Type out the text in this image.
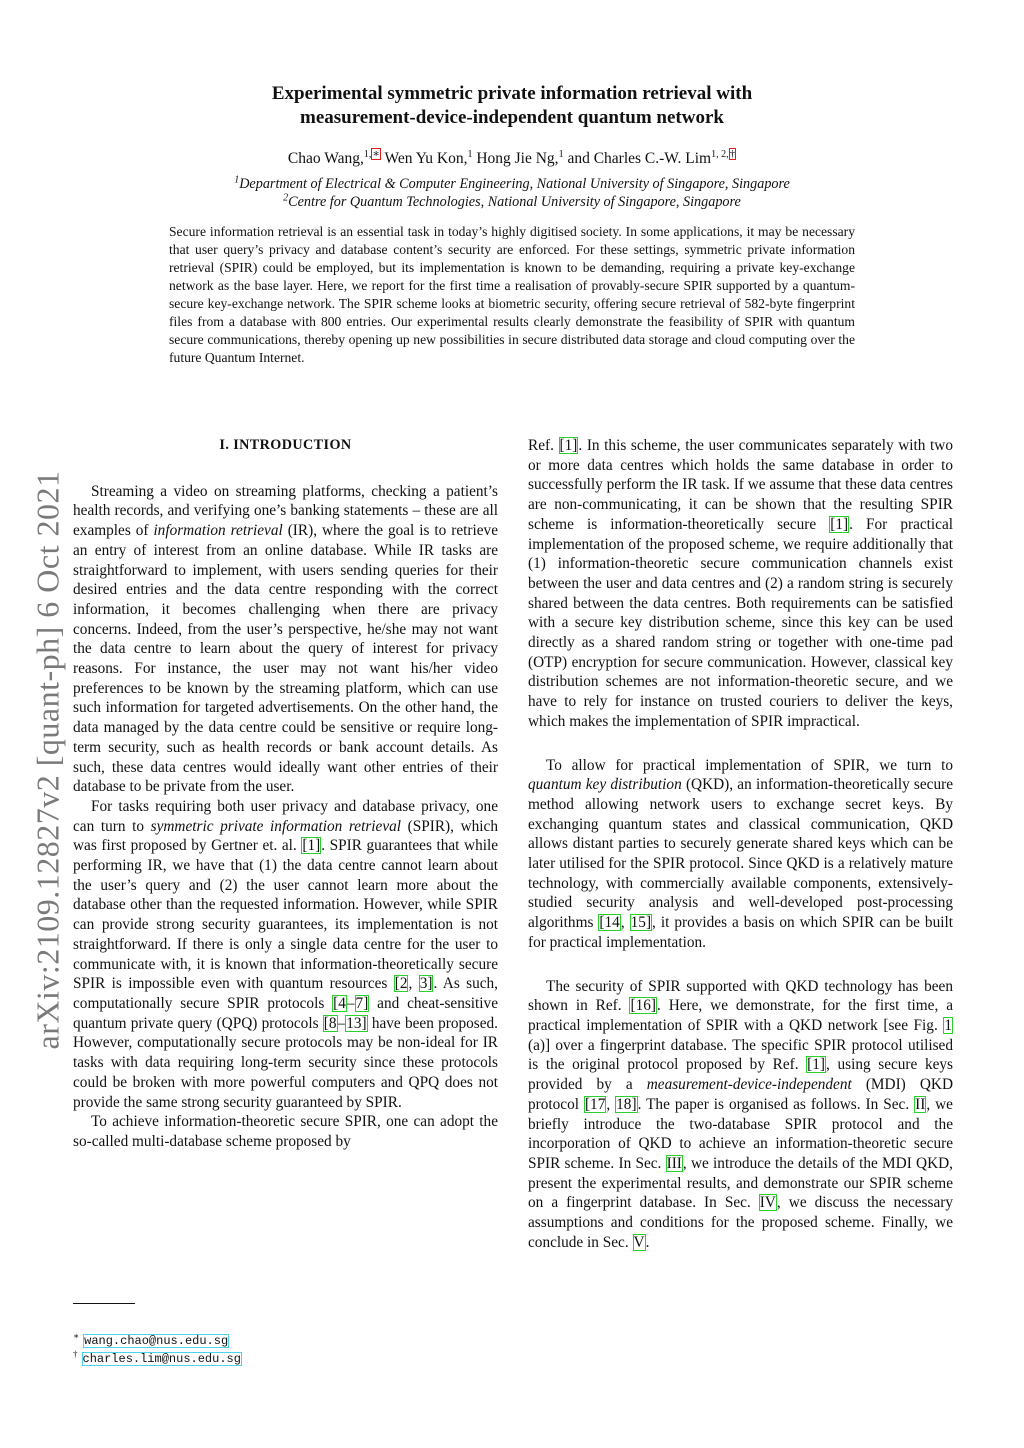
arXiv:2109.12827v2 [quant-ph] 6 Oct 2021
Experimental symmetric private information retrieval with
measurement-device-independent quantum network
Chao Wang,$^{1,∗}$ Wen Yu Kon,$^1$ Hong Jie Ng,$^1$ and Charles C.-W. Lim$^{1, 2,\dagger}$
$^1$Department of Electrical & Computer Engineering, National University of Singapore, Singapore
$^2$Centre for Quantum Technologies, National University of Singapore, Singapore
Secure information retrieval is an essential task in today’s highly digitised society. In some applications, it may be necessary that user query’s privacy and database content’s security are enforced. For these settings, symmetric private information retrieval (SPIR) could be employed, but its implementation is known to be demanding, requiring a private key-exchange network as the base layer. Here, we report for the first time a realisation of provably-secure SPIR supported by a quantum-secure key-exchange network. The SPIR scheme looks at biometric security, offering secure retrieval of 582-byte fingerprint files from a database with 800 entries. Our experimental results clearly demonstrate the feasibility of SPIR with quantum secure communications, thereby opening up new possibilities in secure distributed data storage and cloud computing over the future Quantum Internet.
I. INTRODUCTION

Streaming a video on streaming platforms, checking a patient’s health records, and verifying one’s banking statements – these are all examples of information retrieval (IR), where the goal is to retrieve an entry of interest from an online database. While IR tasks are straightforward to implement, with users sending queries for their desired entries and the data centre responding with the correct information, it becomes challenging when there are privacy concerns. Indeed, from the user’s perspective, he/she may not want the data centre to learn about the query of interest for privacy reasons. For instance, the user may not want his/her video preferences to be known by the streaming platform, which can use such information for targeted advertisements. On the other hand, the data managed by the data centre could be sensitive or require long-term security, such as health records or bank account details. As such, these data centres would ideally want other entries of their database to be private from the user.

For tasks requiring both user privacy and database privacy, one can turn to symmetric private information retrieval (SPIR), which was first proposed by Gertner et. al. [1]. SPIR guarantees that while performing IR, we have that (1) the data centre cannot learn about the user’s query and (2) the user cannot learn more about the database other than the requested information. However, while SPIR can provide strong security guarantees, its implementation is not straightforward. If there is only a single data centre for the user to communicate with, it is known that information-theoretically secure SPIR is impossible even with quantum resources [2, 3]. As such, computationally secure SPIR protocols [4–7] and cheat-sensitive quantum private query (QPQ) protocols [8–13] have been proposed. However, computationally secure protocols may be non-ideal for IR tasks with data requiring long-term security since these protocols could be broken with more powerful computers and QPQ does not provide the same strong security guaranteed by SPIR.

To achieve information-theoretic secure SPIR, one can adopt the so-called multi-database scheme proposed by

Ref. [1]. In this scheme, the user communicates separately with two or more data centres which holds the same database in order to successfully perform the IR task. If we assume that these data centres are non-communicating, it can be shown that the resulting SPIR scheme is information-theoretically secure [1]. For practical implementation of the proposed scheme, we require additionally that (1) information-theoretic secure communication channels exist between the user and data centres and (2) a random string is securely shared between the data centres. Both requirements can be satisfied with a secure key distribution scheme, since this key can be used directly as a shared random string or together with one-time pad (OTP) encryption for secure communication. However, classical key distribution schemes are not information-theoretic secure, and we have to rely for instance on trusted couriers to deliver the keys, which makes the implementation of SPIR impractical.

To allow for practical implementation of SPIR, we turn to quantum key distribution (QKD), an information-theoretically secure method allowing network users to exchange secret keys. By exchanging quantum states and classical communication, QKD allows distant parties to securely generate shared keys which can be later utilised for the SPIR protocol. Since QKD is a relatively mature technology, with commercially available components, extensively-studied security analysis and well-developed post-processing algorithms [14, 15], it provides a basis on which SPIR can be built for practical implementation.

The security of SPIR supported with QKD technology has been shown in Ref. [16]. Here, we demonstrate, for the first time, a practical implementation of SPIR with a QKD network [see Fig. 1 (a)] over a fingerprint database. The specific SPIR protocol utilised is the original protocol proposed by Ref. [1], using secure keys provided by a measurement-device-independent (MDI) QKD protocol [17, 18]. The paper is organised as follows. In Sec. II, we briefly introduce the two-database SPIR protocol and the incorporation of QKD to achieve an information-theoretic secure SPIR scheme. In Sec. III, we introduce the details of the MDI QKD, present the experimental results, and demonstrate our SPIR scheme on a fingerprint database. In Sec. IV, we discuss the necessary assumptions and conditions for the proposed scheme. Finally, we conclude in Sec. V.

∗ wang.chao@nus.edu.sg
† charles.lim@nus.edu.sg
